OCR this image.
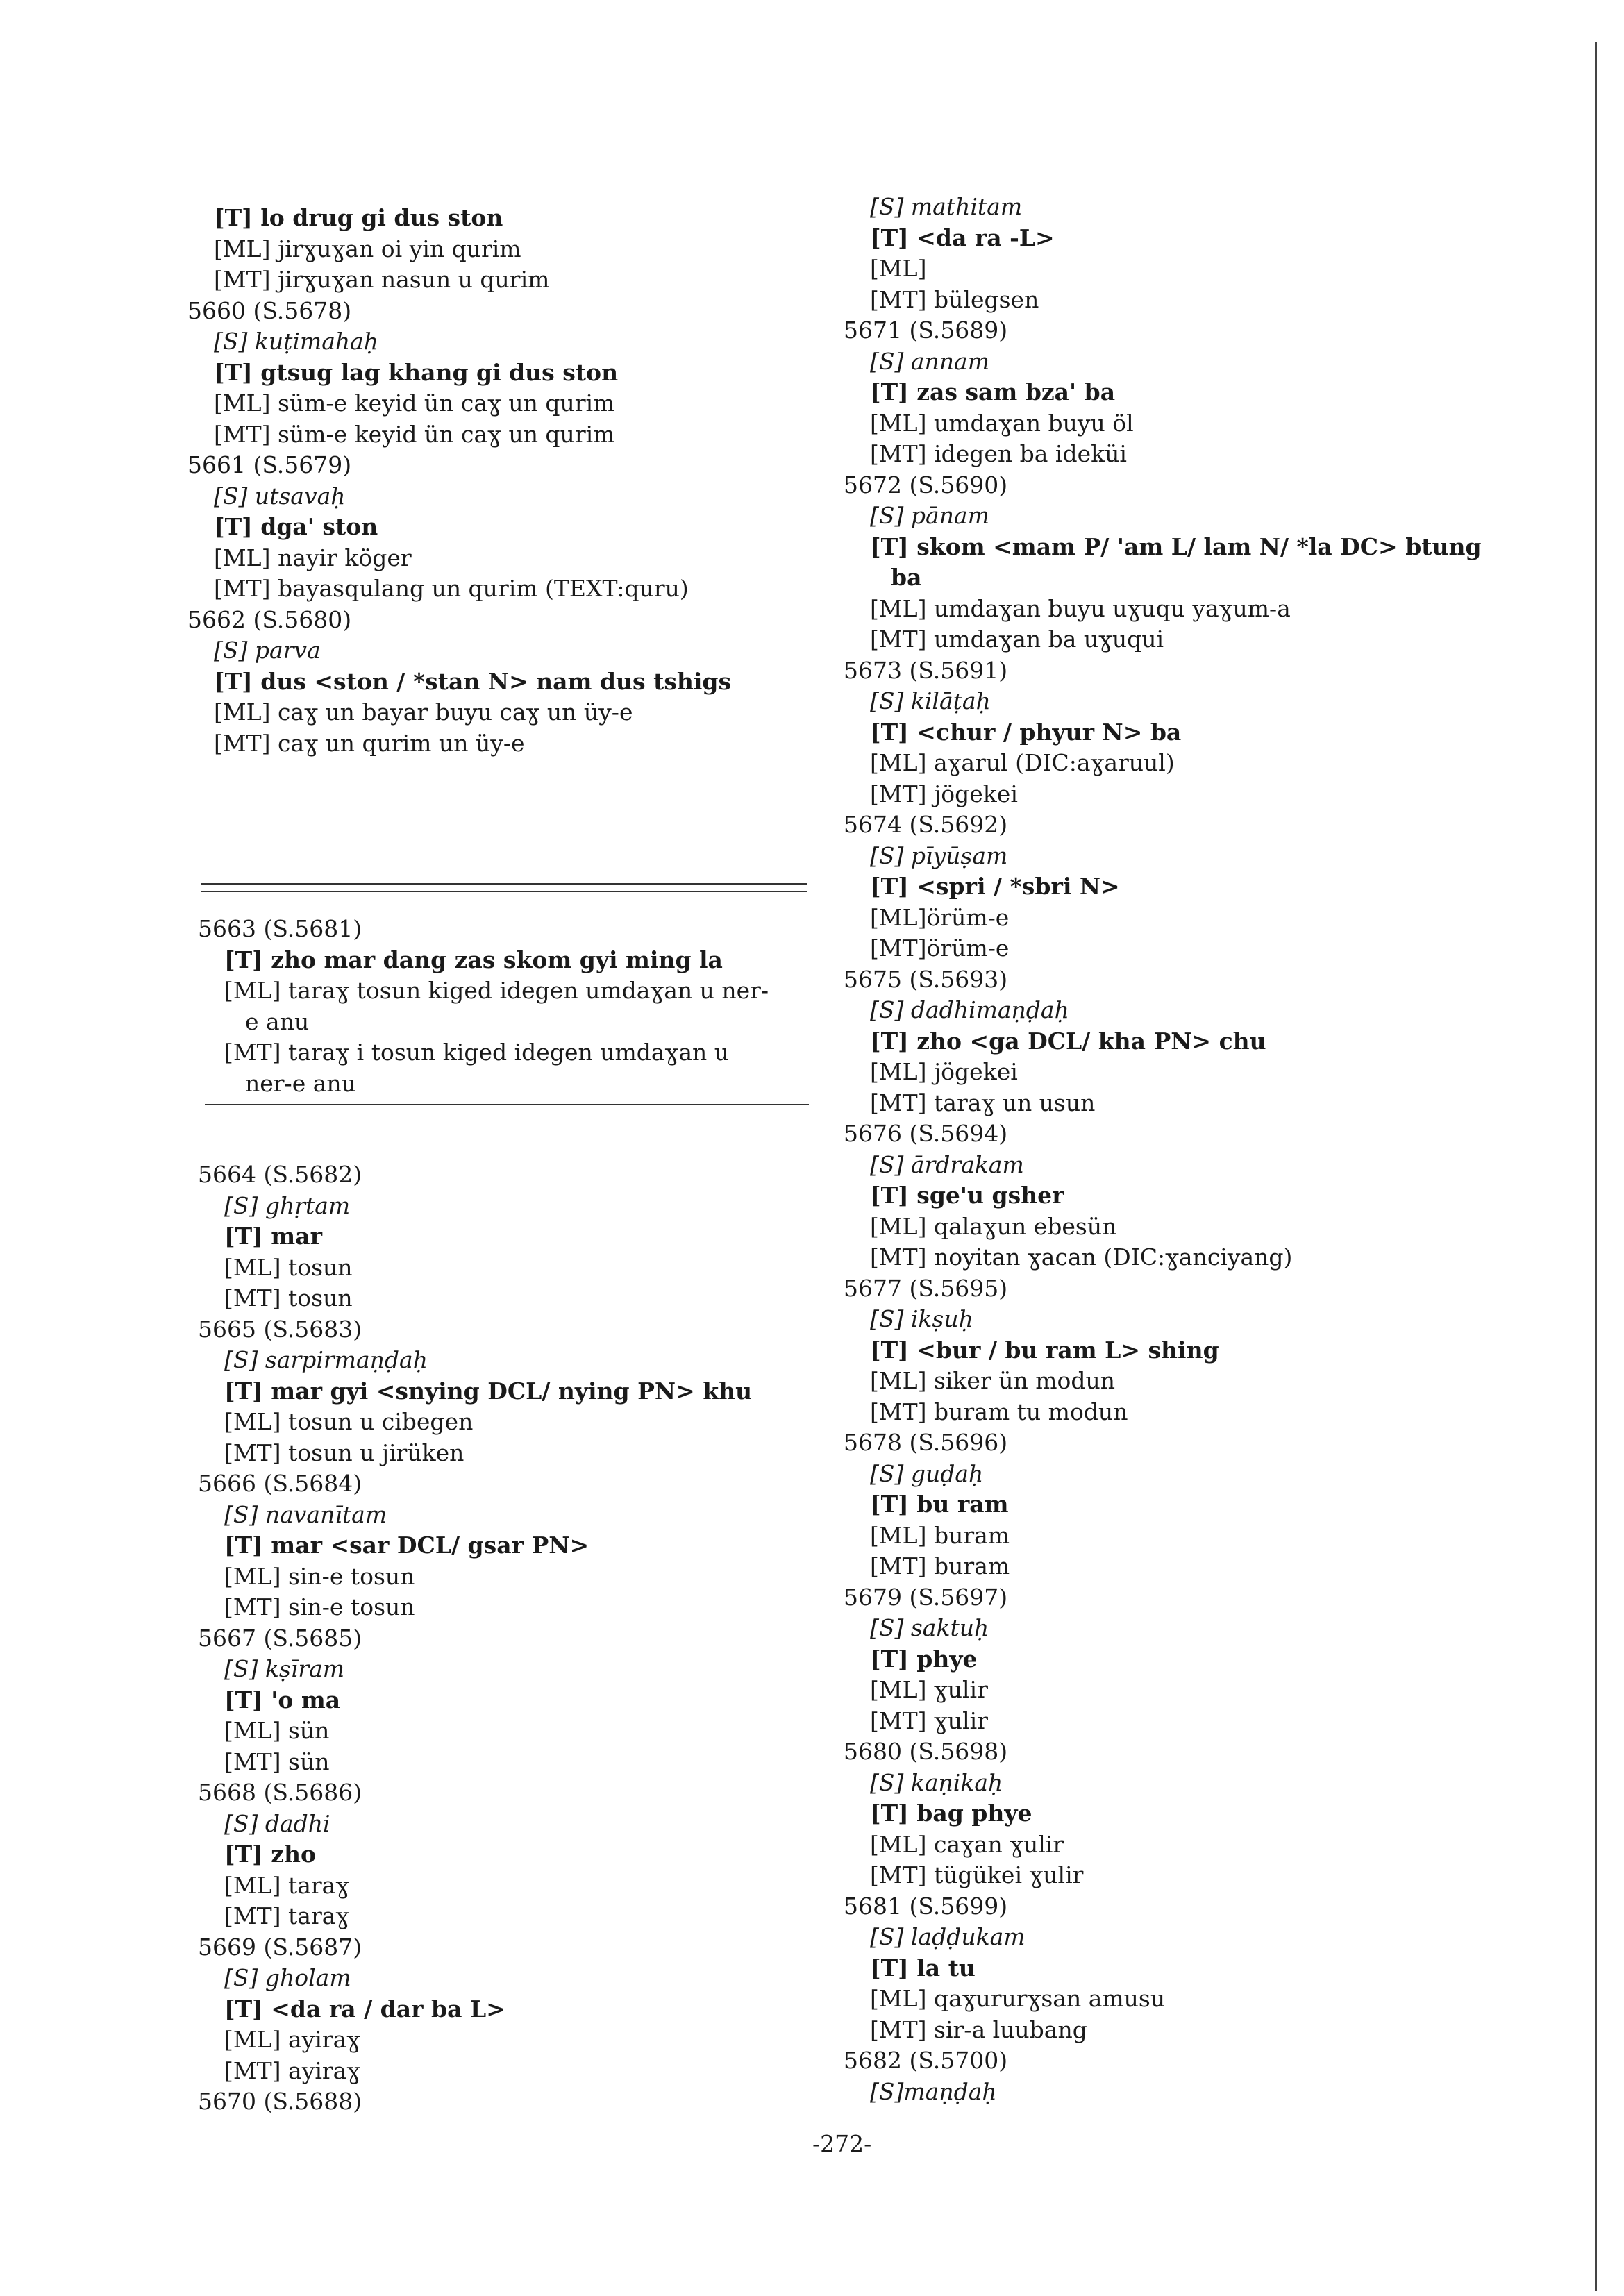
[T] lo drug gi dus ston
[ML] jirɣuɣan oi yin qurim
[MT] jirɣuɣan nasun u qurim
5660 (S.5678)
[S] kuṭimahaḥ
[T] gtsug lag khang gi dus ston
[ML] süm-e keyid ün caɣ un qurim
[MT] süm-e keyid ün caɣ un qurim
5661 (S.5679)
[S] utsavaḥ
[T] dga' ston
[ML] nayir köger
[MT] bayasqulang un qurim (TEXT:quru)
5662 (S.5680)
[S] parva
[T] dus <ston / *stan N> nam dus tshigs
[ML] caɣ un bayar buyu caɣ un üy-e
[MT] caɣ un qurim un üy-e
5663 (S.5681)
[T] zho mar dang zas skom gyi ming la
[ML] taraɣ tosun kiged idegen umdaɣan u ner-
e anu
[MT] taraɣ i tosun kiged idegen umdaɣan u
ner-e anu
5664 (S.5682)
[S] ghṛtam
[T] mar
[ML] tosun
[MT] tosun
5665 (S.5683)
[S] sarpirmaṇḍaḥ
[T] mar gyi <snying DCL/ nying PN> khu
[ML] tosun u cibegen
[MT] tosun u jirüken
5666 (S.5684)
[S] navanītam
[T] mar <sar DCL/ gsar PN>
[ML] sin-e tosun
[MT] sin-e tosun
5667 (S.5685)
[S] kṣīram
[T] 'o ma
[ML] sün
[MT] sün
5668 (S.5686)
[S] dadhi
[T] zho
[ML] taraɣ
[MT] taraɣ
5669 (S.5687)
[S] gholam
[T] <da ra / dar ba L>
[ML] ayiraɣ
[MT] ayiraɣ
5670 (S.5688)
[S] mathitam
[T] <da ra -L>
[ML]
[MT] bülegsen
5671 (S.5689)
[S] annam
[T] zas sam bza' ba
[ML] umdaɣan buyu öl
[MT] idegen ba ideküi
5672 (S.5690)
[S] pānam
[T] skom <mam P/ 'am L/ lam N/ *la DC> btung
ba
[ML] umdaɣan buyu uɣuqu yaɣum-a
[MT] umdaɣan ba uɣuqui
5673 (S.5691)
[S] kilāṭaḥ
[T] <chur / phyur N> ba
[ML] aɣarul (DIC:aɣaruul)
[MT] jögekei
5674 (S.5692)
[S] pīyūṣam
[T] <spri / *sbri N>
[ML]örüm-e
[MT]örüm-e
5675 (S.5693)
[S] dadhimaṇḍaḥ
[T] zho <ga DCL/ kha PN> chu
[ML] jögekei
[MT] taraɣ un usun
5676 (S.5694)
[S] ārdrakam
[T] sge'u gsher
[ML] qalaɣun ebesün
[MT] noyitan ɣacan (DIC:ɣanciyang)
5677 (S.5695)
[S] ikṣuḥ
[T] <bur / bu ram L> shing
[ML] siker ün modun
[MT] buram tu modun
5678 (S.5696)
[S] guḍaḥ
[T] bu ram
[ML] buram
[MT] buram
5679 (S.5697)
[S] saktuḥ
[T] phye
[ML] ɣulir
[MT] ɣulir
5680 (S.5698)
[S] kaṇikaḥ
[T] bag phye
[ML] caɣan ɣulir
[MT] tügükei ɣulir
5681 (S.5699)
[S] laḍḍukam
[T] la tu
[ML] qaɣururɣsan amusu
[MT] sir-a luubang
5682 (S.5700)
[S]maṇḍaḥ
-272-
